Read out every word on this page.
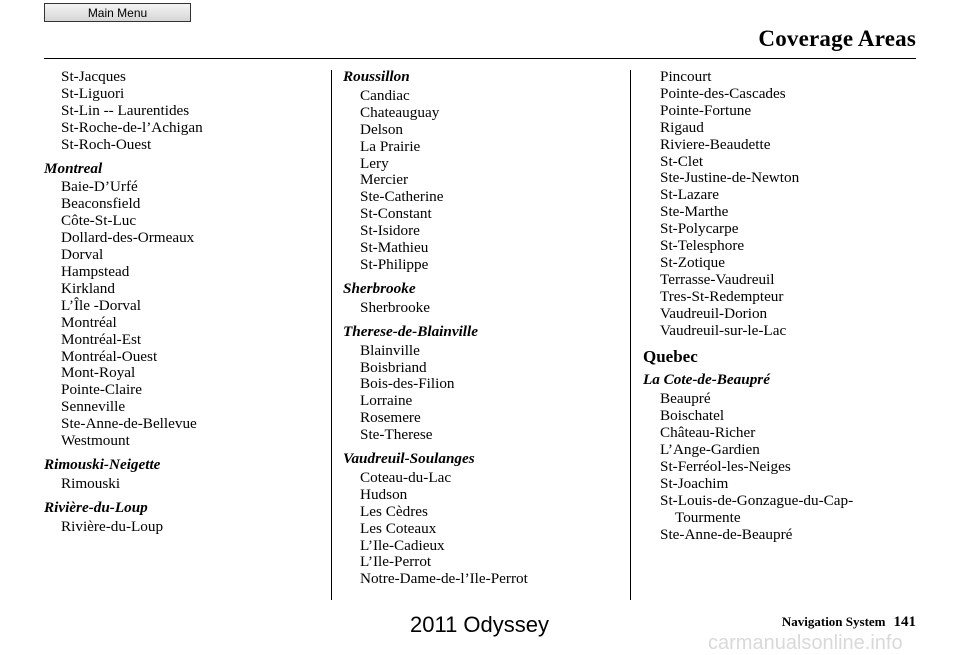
Main Menu
Coverage Areas
St-Jacques
St-Liguori
St-Lin -- Laurentides
St-Roche-de-l’Achigan
St-Roch-Ouest
Montreal
Baie-D’Urfé
Beaconsfield
Côte-St-Luc
Dollard-des-Ormeaux
Dorval
Hampstead
Kirkland
L’Île -Dorval
Montréal
Montréal-Est
Montréal-Ouest
Mont-Royal
Pointe-Claire
Senneville
Ste-Anne-de-Bellevue
Westmount
Rimouski-Neigette
Rimouski
Rivière-du-Loup
Rivière-du-Loup
Roussillon
Candiac
Chateauguay
Delson
La Prairie
Lery
Mercier
Ste-Catherine
St-Constant
St-Isidore
St-Mathieu
St-Philippe
Sherbrooke
Sherbrooke
Therese-de-Blainville
Blainville
Boisbriand
Bois-des-Filion
Lorraine
Rosemere
Ste-Therese
Vaudreuil-Soulanges
Coteau-du-Lac
Hudson
Les Cèdres
Les Coteaux
L’Ile-Cadieux
L’Ile-Perrot
Notre-Dame-de-l’Ile-Perrot
Pincourt
Pointe-des-Cascades
Pointe-Fortune
Rigaud
Riviere-Beaudette
St-Clet
Ste-Justine-de-Newton
St-Lazare
Ste-Marthe
St-Polycarpe
St-Telesphore
St-Zotique
Terrasse-Vaudreuil
Tres-St-Redempteur
Vaudreuil-Dorion
Vaudreuil-sur-le-Lac
Quebec
La Cote-de-Beaupré
Beaupré
Boischatel
Château-Richer
L’Ange-Gardien
St-Ferréol-les-Neiges
St-Joachim
St-Louis-de-Gonzague-du-Cap-
Tourmente
Ste-Anne-de-Beaupré
Navigation System 141
2011 Odyssey
carmanualsonline.info
